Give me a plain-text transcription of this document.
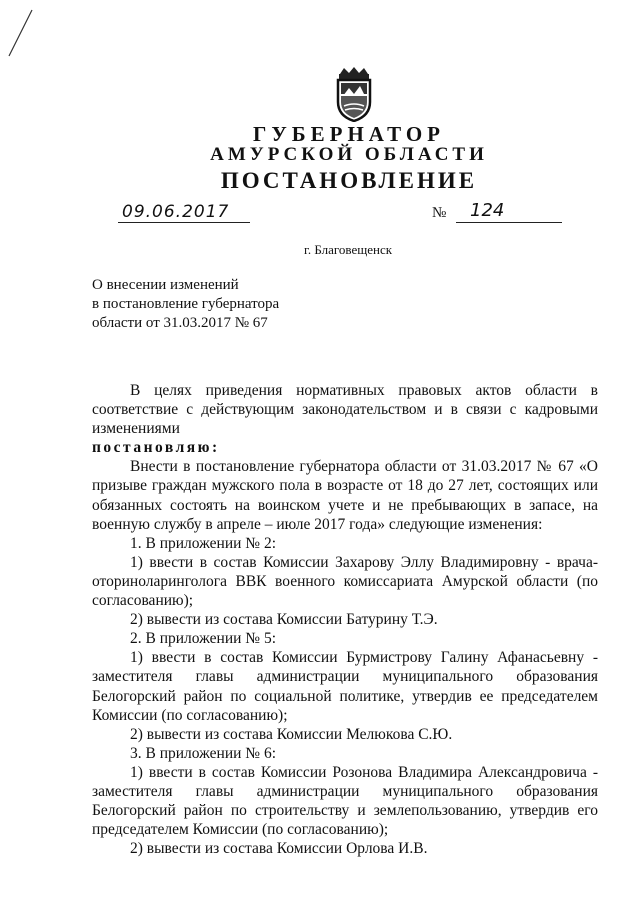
ГУБЕРНАТОР
АМУРСКОЙ ОБЛАСТИ
ПОСТАНОВЛЕНИЕ
09.06.2017	№ 124
г. Благовещенск
О внесении изменений
в постановление губернатора
области от 31.03.2017 № 67

В целях приведения нормативных правовых актов области в соответствие с действующим законодательством и в связи с кадровыми изменениями

постановляю:

Внести в постановление губернатора области от 31.03.2017 № 67 «О призыве граждан мужского пола в возрасте от 18 до 27 лет, состоящих или обязанных состоять на воинском учете и не пребывающих в запасе, на военную службу в апреле – июле 2017 года» следующие изменения:

1. В приложении № 2:

1) ввести в состав Комиссии Захарову Эллу Владимировну - врача-оториноларинголога ВВК военного комиссариата Амурской области (по согласованию);

2) вывести из состава Комиссии Батурину Т.Э.

2. В приложении № 5:

1) ввести в состав Комиссии Бурмистрову Галину Афанасьевну - заместителя главы администрации муниципального образования Белогорский район по социальной политике, утвердив ее председателем Комиссии (по согласованию);

2) вывести из состава Комиссии Мелюкова С.Ю.

3. В приложении № 6:

1) ввести в состав Комиссии Розонова Владимира Александровича - заместителя главы администрации муниципального образования Белогорский район по строительству и землепользованию, утвердив его председателем Комиссии (по согласованию);

2) вывести из состава Комиссии Орлова И.В.
